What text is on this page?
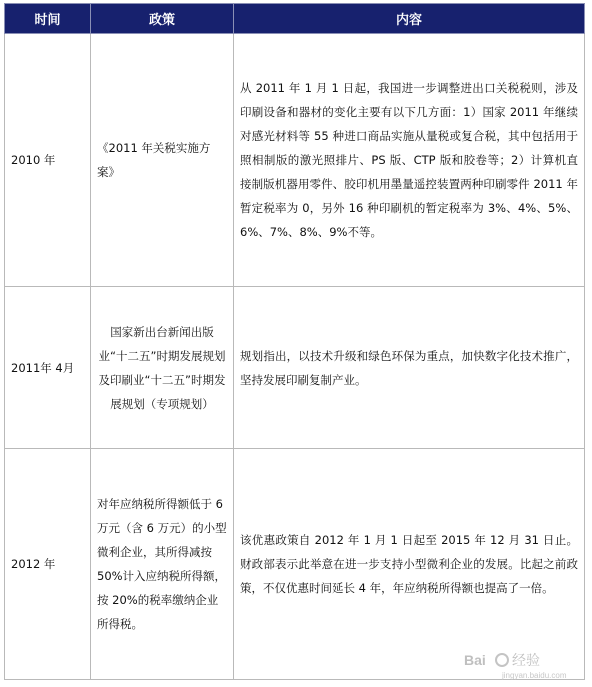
时间	政策	内容
2010 年	《2011 年关税实施方案》	从 2011 年 1 月 1 日起，我国进一步调整进出口关税税则，涉及印刷设备和器材的变化主要有以下几方面：1）国家 2011 年继续对感光材料等 55 种进口商品实施从量税或复合税，其中包括用于照相制版的激光照排片、PS 版、CTP 版和胶卷等；2）计算机直接制版机器用零件、胶印机用墨量遥控装置两种印刷零件 2011 年暂定税率为 0，另外 16 种印刷机的暂定税率为 3%、4%、5%、6%、7%、8%、9%不等。
2011年 4月	国家新出台新闻出版业“十二五”时期发展规划及印刷业“十二五”时期发展规划（专项规划）	规划指出，以技术升级和绿色环保为重点，加快数字化技术推广，坚持发展印刷复制产业。
2012 年	对年应纳税所得额低于 6 万元（含 6 万元）的小型微利企业，其所得减按 50%计入应纳税所得额，按 20%的税率缴纳企业所得税。	该优惠政策自 2012 年 1 月 1 日起至 2015 年 12 月 31 日止。财政部表示此举意在进一步支持小型微利企业的发展。比起之前政策，不仅优惠时间延长 4 年，年应纳税所得额也提高了一倍。
Bai 经验
jingyan.baidu.com
